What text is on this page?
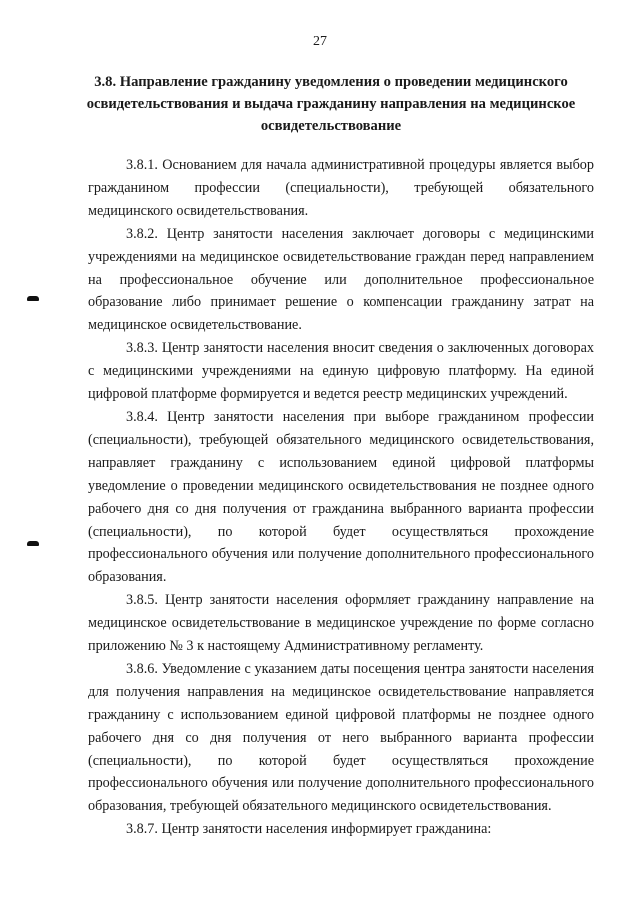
27
3.8. Направление гражданину уведомления о проведении медицинского освидетельствования и выдача гражданину направления на медицинское освидетельствование

3.8.1. Основанием для начала административной процедуры является выбор гражданином профессии (специальности), требующей обязательного медицинского освидетельствования.

3.8.2. Центр занятости населения заключает договоры с медицинскими учреждениями на медицинское освидетельствование граждан перед направлением на профессиональное обучение или дополнительное профессиональное образование либо принимает решение о компенсации гражданину затрат на медицинское освидетельствование.

3.8.3. Центр занятости населения вносит сведения о заключенных договорах с медицинскими учреждениями на единую цифровую платформу. На единой цифровой платформе формируется и ведется реестр медицинских учреждений.

3.8.4. Центр занятости населения при выборе гражданином профессии (специальности), требующей обязательного медицинского освидетельствования, направляет гражданину с использованием единой цифровой платформы уведомление о проведении медицинского освидетельствования не позднее одного рабочего дня со дня получения от гражданина выбранного варианта профессии (специальности), по которой будет осуществляться прохождение профессионального обучения или получение дополнительного профессионального образования.

3.8.5. Центр занятости населения оформляет гражданину направление на медицинское освидетельствование в медицинское учреждение по форме согласно приложению № 3 к настоящему Административному регламенту.

3.8.6. Уведомление с указанием даты посещения центра занятости населения для получения направления на медицинское освидетельствование направляется гражданину с использованием единой цифровой платформы не позднее одного рабочего дня со дня получения от него выбранного варианта профессии (специальности), по которой будет осуществляться прохождение профессионального обучения или получение дополнительного профессионального образования, требующей обязательного медицинского освидетельствования.

3.8.7. Центр занятости населения информирует гражданина:
